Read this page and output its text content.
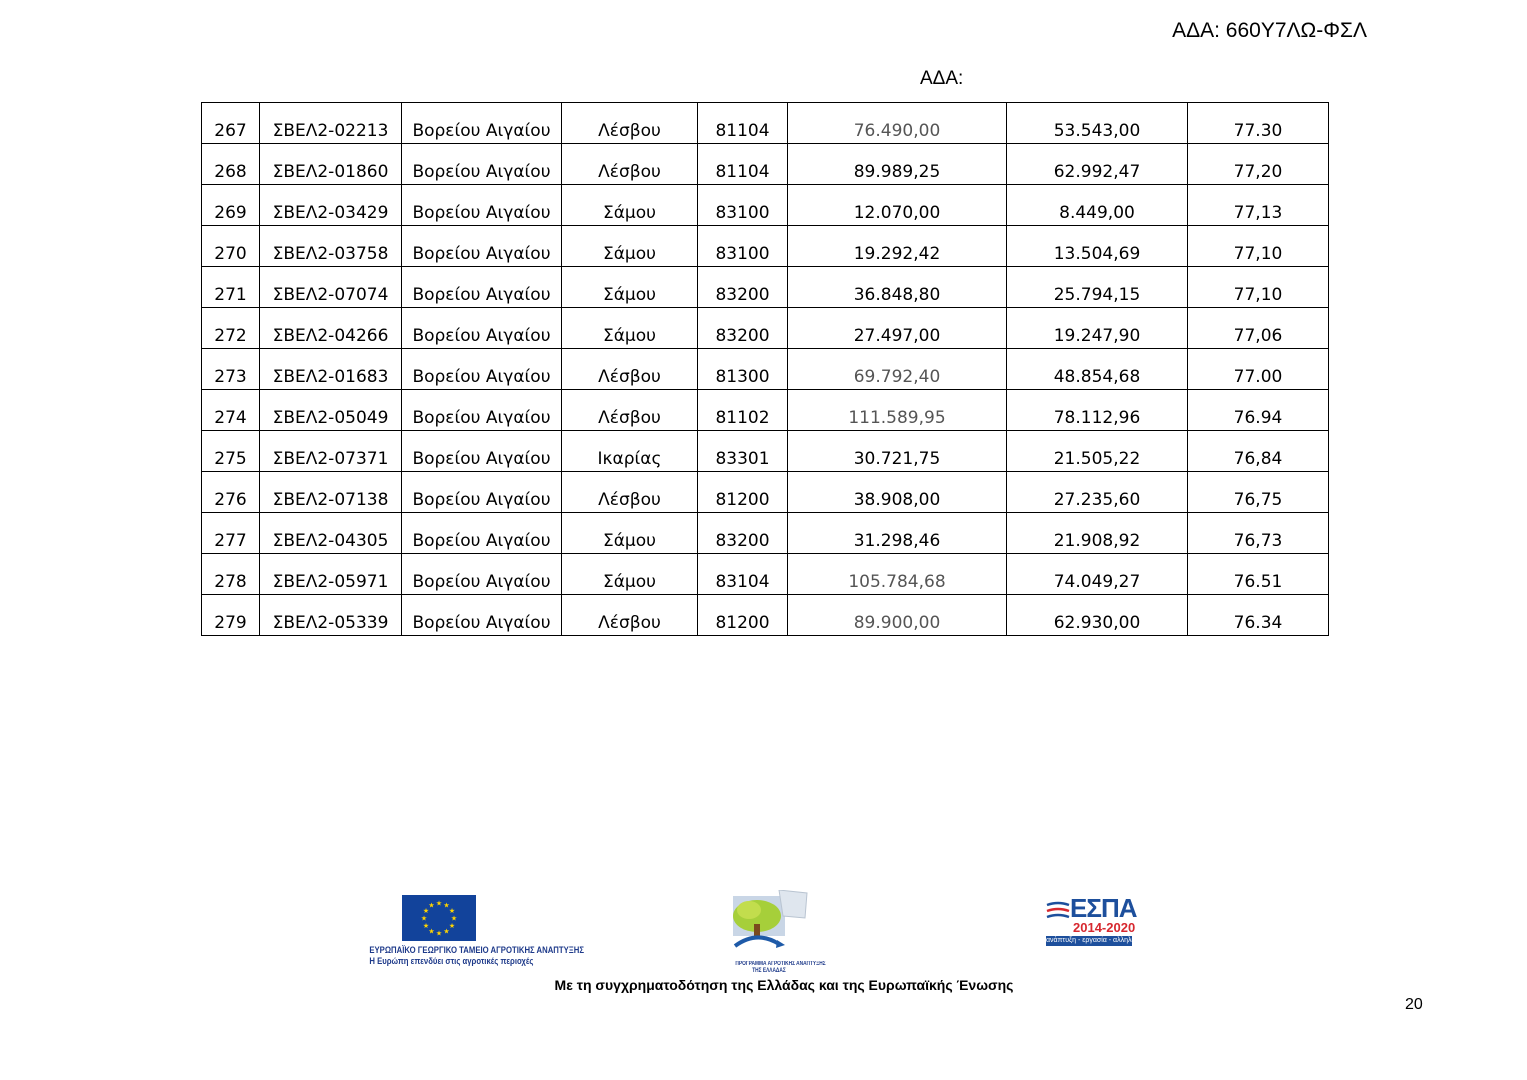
ΑΔΑ: 660Υ7ΛΩ-ΦΣΛ
ΑΔΑ:
267	ΣΒΕΛ2-02213	Βορείου Αιγαίου	Λέσβου	81104	76.490,00	53.543,00	77.30
268	ΣΒΕΛ2-01860	Βορείου Αιγαίου	Λέσβου	81104	89.989,25	62.992,47	77,20
269	ΣΒΕΛ2-03429	Βορείου Αιγαίου	Σάμου	83100	12.070,00	8.449,00	77,13
270	ΣΒΕΛ2-03758	Βορείου Αιγαίου	Σάμου	83100	19.292,42	13.504,69	77,10
271	ΣΒΕΛ2-07074	Βορείου Αιγαίου	Σάμου	83200	36.848,80	25.794,15	77,10
272	ΣΒΕΛ2-04266	Βορείου Αιγαίου	Σάμου	83200	27.497,00	19.247,90	77,06
273	ΣΒΕΛ2-01683	Βορείου Αιγαίου	Λέσβου	81300	69.792,40	48.854,68	77.00
274	ΣΒΕΛ2-05049	Βορείου Αιγαίου	Λέσβου	81102	111.589,95	78.112,96	76.94
275	ΣΒΕΛ2-07371	Βορείου Αιγαίου	Ικαρίας	83301	30.721,75	21.505,22	76,84
276	ΣΒΕΛ2-07138	Βορείου Αιγαίου	Λέσβου	81200	38.908,00	27.235,60	76,75
277	ΣΒΕΛ2-04305	Βορείου Αιγαίου	Σάμου	83200	31.298,46	21.908,92	76,73
278	ΣΒΕΛ2-05971	Βορείου Αιγαίου	Σάμου	83104	105.784,68	74.049,27	76.51
279	ΣΒΕΛ2-05339	Βορείου Αιγαίου	Λέσβου	81200	89.900,00	62.930,00	76.34
★ ★
★
★
★
★
★
★
★
★
★
★
ΕΥΡΩΠΑΪΚΟ ΓΕΩΡΓΙΚΟ ΤΑΜΕΙΟ ΑΓΡΟΤΙΚΗΣ ΑΝΑΠΤΥΞΗΣ
Η Ευρώπη επενδύει στις αγροτικές περιοχές	ΠΡΟΓΡΑΜΜΑ ΑΓΡΟΤΙΚΗΣ ΑΝΑΠΤΥΞΗΣ
ΤΗΣ ΕΛΛΑΔΑΣ
ΕΣΠΑ
2014-2020
ανάπτυξη - εργασία - αλληλεγγύη
Με τη συγχρηματοδότηση της Ελλάδας και της Ευρωπαϊκής Ένωσης
20
